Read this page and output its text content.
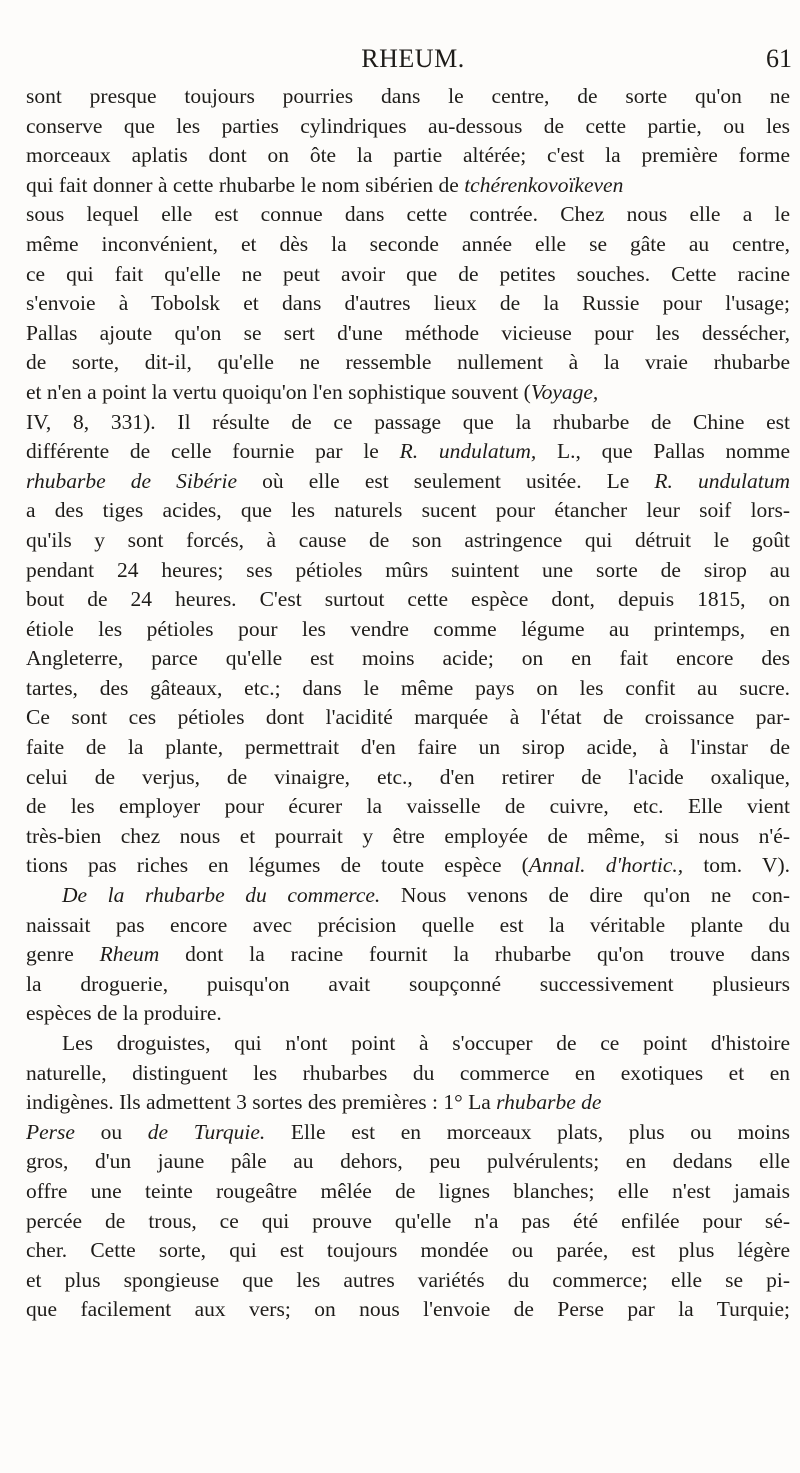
RHEUM.	61
sont presque toujours pourries dans le centre, de sorte qu'on ne
conserve que les parties cylindriques au-dessous de cette partie, ou les
morceaux aplatis dont on ôte la partie altérée; c'est la première forme
qui fait donner à cette rhubarbe le nom sibérien de tchérenkovoïkeven
sous lequel elle est connue dans cette contrée. Chez nous elle a le
même inconvénient, et dès la seconde année elle se gâte au centre,
ce qui fait qu'elle ne peut avoir que de petites souches. Cette racine
s'envoie à Tobolsk et dans d'autres lieux de la Russie pour l'usage;
Pallas ajoute qu'on se sert d'une méthode vicieuse pour les dessécher,
de sorte, dit-il, qu'elle ne ressemble nullement à la vraie rhubarbe
et n'en a point la vertu quoiqu'on l'en sophistique souvent (Voyage,
IV, 8, 331). Il résulte de ce passage que la rhubarbe de Chine est
différente de celle fournie par le R. undulatum, L., que Pallas nomme
rhubarbe de Sibérie où elle est seulement usitée. Le R. undulatum
a des tiges acides, que les naturels sucent pour étancher leur soif lors-
qu'ils y sont forcés, à cause de son astringence qui détruit le goût
pendant 24 heures; ses pétioles mûrs suintent une sorte de sirop au
bout de 24 heures. C'est surtout cette espèce dont, depuis 1815, on
étiole les pétioles pour les vendre comme légume au printemps, en
Angleterre, parce qu'elle est moins acide; on en fait encore des
tartes, des gâteaux, etc.; dans le même pays on les confit au sucre.
Ce sont ces pétioles dont l'acidité marquée à l'état de croissance par-
faite de la plante, permettrait d'en faire un sirop acide, à l'instar de
celui de verjus, de vinaigre, etc., d'en retirer de l'acide oxalique,
de les employer pour écurer la vaisselle de cuivre, etc. Elle vient
très-bien chez nous et pourrait y être employée de même, si nous n'é-
tions pas riches en légumes de toute espèce (Annal. d'hortic., tom. V).
De la rhubarbe du commerce. Nous venons de dire qu'on ne con-
naissait pas encore avec précision quelle est la véritable plante du
genre Rheum dont la racine fournit la rhubarbe qu'on trouve dans
la droguerie, puisqu'on avait soupçonné successivement plusieurs
espèces de la produire.
Les droguistes, qui n'ont point à s'occuper de ce point d'histoire
naturelle, distinguent les rhubarbes du commerce en exotiques et en
indigènes. Ils admettent 3 sortes des premières : 1° La rhubarbe de
Perse ou de Turquie. Elle est en morceaux plats, plus ou moins
gros, d'un jaune pâle au dehors, peu pulvérulents; en dedans elle
offre une teinte rougeâtre mêlée de lignes blanches; elle n'est jamais
percée de trous, ce qui prouve qu'elle n'a pas été enfilée pour sé-
cher. Cette sorte, qui est toujours mondée ou parée, est plus légère
et plus spongieuse que les autres variétés du commerce; elle se pi-
que facilement aux vers; on nous l'envoie de Perse par la Turquie;
